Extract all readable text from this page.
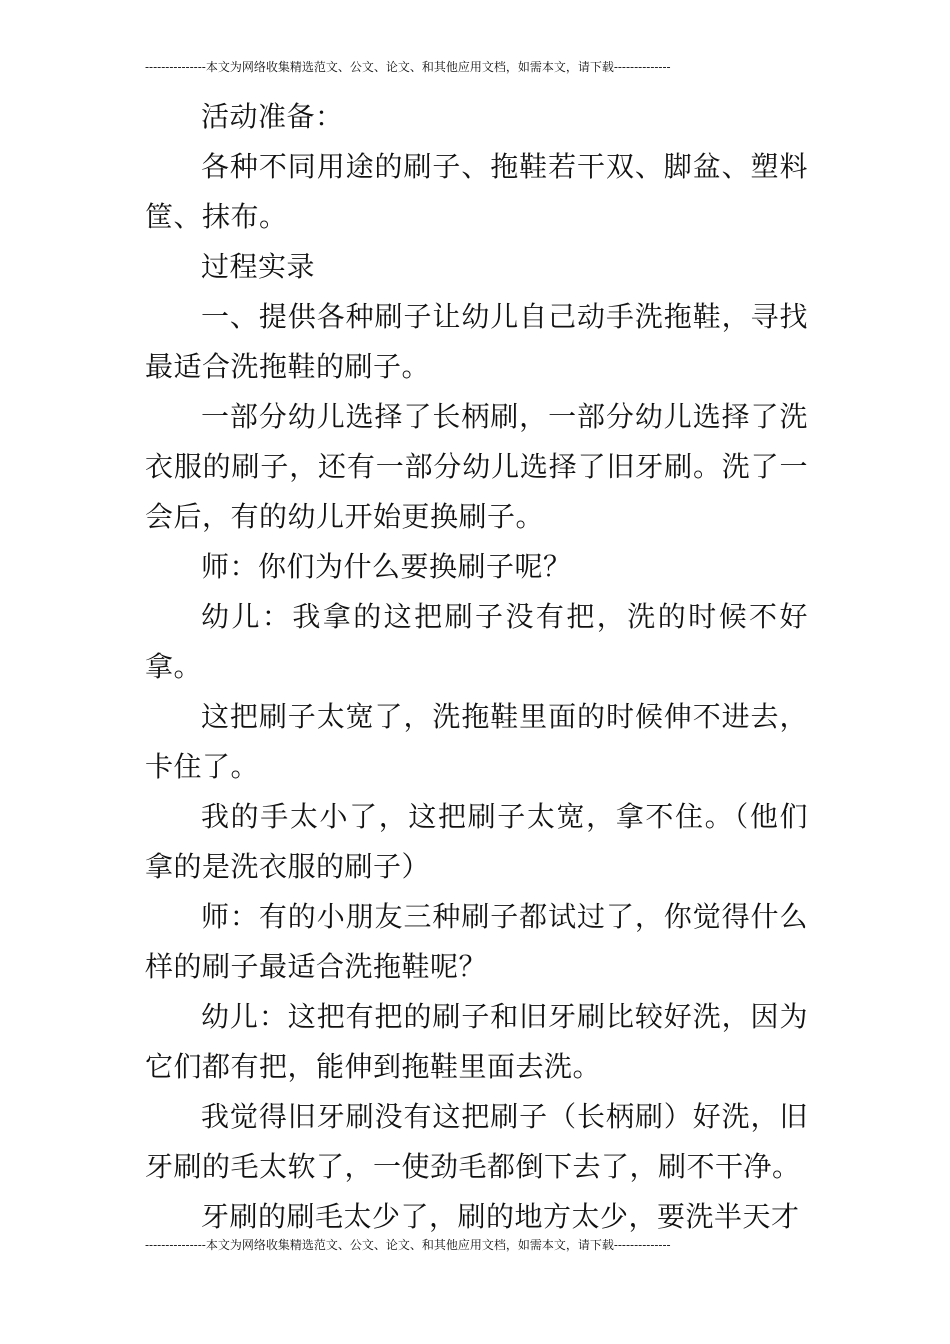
---------------本文为网络收集精选范文、公文、论文、和其他应用文档，如需本文，请下载--------------

活动准备：

各种不同用途的刷子、拖鞋若干双、脚盆、塑料筐、抹布。

过程实录

一、提供各种刷子让幼儿自己动手洗拖鞋，寻找最适合洗拖鞋的刷子。

一部分幼儿选择了长柄刷，一部分幼儿选择了洗衣服的刷子，还有一部分幼儿选择了旧牙刷。洗了一会后，有的幼儿开始更换刷子。

师：你们为什么要换刷子呢？

幼儿：我拿的这把刷子没有把，洗的时候不好拿。

这把刷子太宽了，洗拖鞋里面的时候伸不进去，卡住了。

我的手太小了，这把刷子太宽，拿不住。（他们拿的是洗衣服的刷子）

师：有的小朋友三种刷子都试过了，你觉得什么样的刷子最适合洗拖鞋呢？

幼儿：这把有把的刷子和旧牙刷比较好洗，因为它们都有把，能伸到拖鞋里面去洗。

我觉得旧牙刷没有这把刷子（长柄刷）好洗，旧牙刷的毛太软了，一使劲毛都倒下去了，刷不干净。

牙刷的刷毛太少了，刷的地方太少，要洗半天才

---------------本文为网络收集精选范文、公文、论文、和其他应用文档，如需本文，请下载--------------
